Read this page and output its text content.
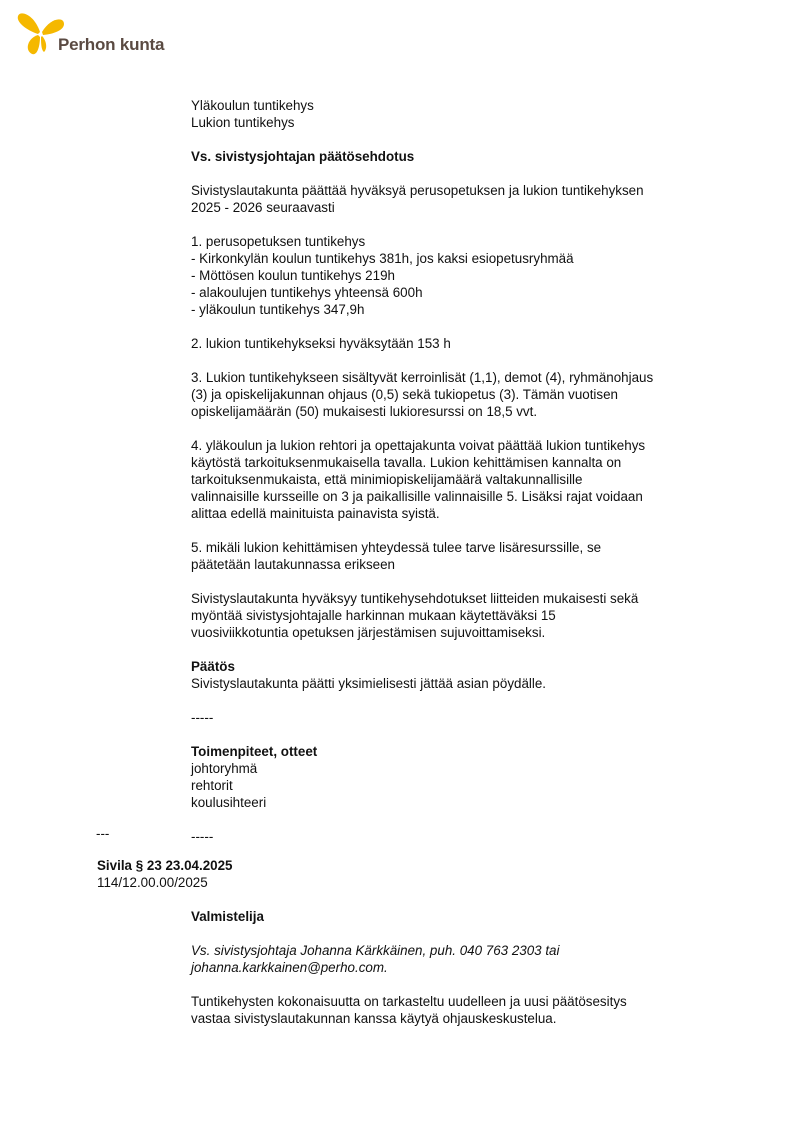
Perhon kunta
Yläkoulun tuntikehys
Lukion tuntikehys
Vs. sivistysjohtajan päätösehdotus
Sivistyslautakunta päättää hyväksyä perusopetuksen ja lukion tuntikehyksen
2025 - 2026 seuraavasti
1. perusopetuksen tuntikehys
- Kirkonkylän koulun tuntikehys 381h, jos kaksi esiopetusryhmää
- Möttösen koulun tuntikehys 219h
- alakoulujen tuntikehys yhteensä 600h
- yläkoulun tuntikehys 347,9h
2. lukion tuntikehykseksi hyväksytään 153 h
3. Lukion tuntikehykseen sisältyvät kerroinlisät (1,1), demot (4), ryhmänohjaus
(3) ja opiskelijakunnan ohjaus (0,5) sekä tukiopetus (3). Tämän vuotisen
opiskelijamäärän (50) mukaisesti lukioresurssi on 18,5 vvt.
4. yläkoulun ja lukion rehtori ja opettajakunta voivat päättää lukion tuntikehys
käytöstä tarkoituksenmukaisella tavalla. Lukion kehittämisen kannalta on
tarkoituksenmukaista, että minimiopiskelijamäärä valtakunnallisille
valinnaisille kursseille on 3 ja paikallisille valinnaisille 5. Lisäksi rajat voidaan
alittaa edellä mainituista painavista syistä.
5. mikäli lukion kehittämisen yhteydessä tulee tarve lisäresurssille, se
päätetään lautakunnassa erikseen
Sivistyslautakunta hyväksyy tuntikehysehdotukset liitteiden mukaisesti sekä
myöntää sivistysjohtajalle harkinnan mukaan käytettäväksi 15
vuosiviikkotuntia opetuksen järjestämisen sujuvoittamiseksi.
Päätös
Sivistyslautakunta päätti yksimielisesti jättää asian pöydälle.
-----
Toimenpiteet, otteet
johtoryhmä
rehtorit
koulusihteeri
-----
---
Sivila § 23 23.04.2025
114/12.00.00/2025
Valmistelija
Vs. sivistysjohtaja Johanna Kärkkäinen, puh. 040 763 2303 tai
johanna.karkkainen@perho.com.
Tuntikehysten kokonaisuutta on tarkasteltu uudelleen ja uusi päätösesitys
vastaa sivistyslautakunnan kanssa käytyä ohjauskeskustelua.
